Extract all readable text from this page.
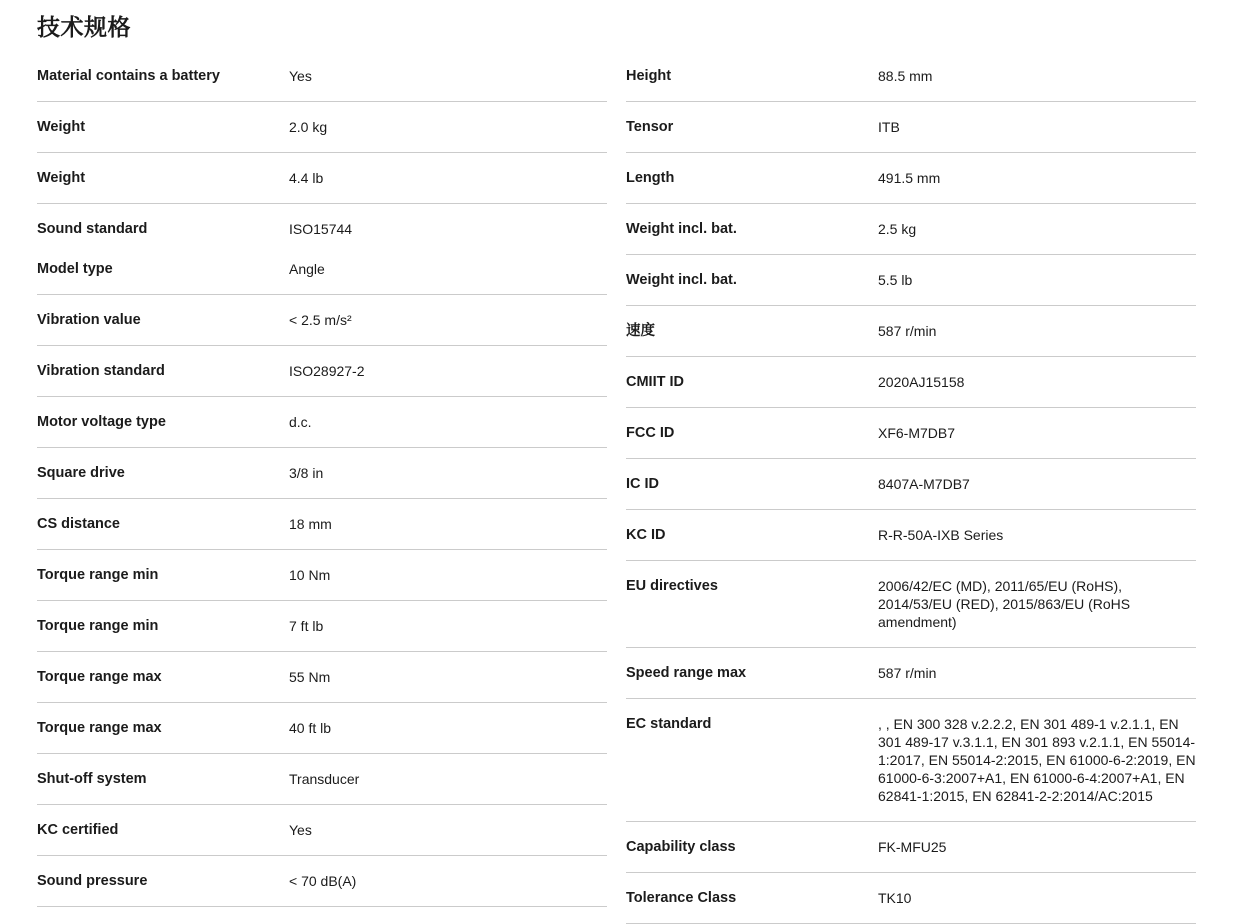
技术规格
Material contains a battery	Yes
Weight	2.0 kg
Weight	4.4 lb
Sound standard	ISO15744
Model type	Angle
Vibration value	< 2.5 m/s²
Vibration standard	ISO28927-2
Motor voltage type	d.c.
Square drive	3/8 in
CS distance	18 mm
Torque range min	10 Nm
Torque range min	7 ft lb
Torque range max	55 Nm
Torque range max	40 ft lb
Shut-off system	Transducer
KC certified	Yes
Sound pressure	< 70 dB(A)
Height	88.5 mm
Tensor	ITB
Length	491.5 mm
Weight incl. bat.	2.5 kg
Weight incl. bat.	5.5 lb
速度	587 r/min
CMIIT ID	2020AJ15158
FCC ID	XF6-M7DB7
IC ID	8407A-M7DB7
KC ID	R-R-50A-IXB Series
EU directives	2006/42/EC (MD), 2011/65/EU (RoHS), 2014/53/EU (RED), 2015/863/EU (RoHS amendment)
Speed range max	587 r/min
EC standard	, , EN 300 328 v.2.2.2, EN 301 489-1 v.2.1.1, EN 301 489-17 v.3.1.1, EN 301 893 v.2.1.1, EN 55014-1:2017, EN 55014-2:2015, EN 61000-6-2:2019, EN 61000-6-3:2007+A1, EN 61000-6-4:2007+A1, EN 62841-1:2015, EN 62841-2-2:2014/AC:2015
Capability class	FK-MFU25
Tolerance Class	TK10
